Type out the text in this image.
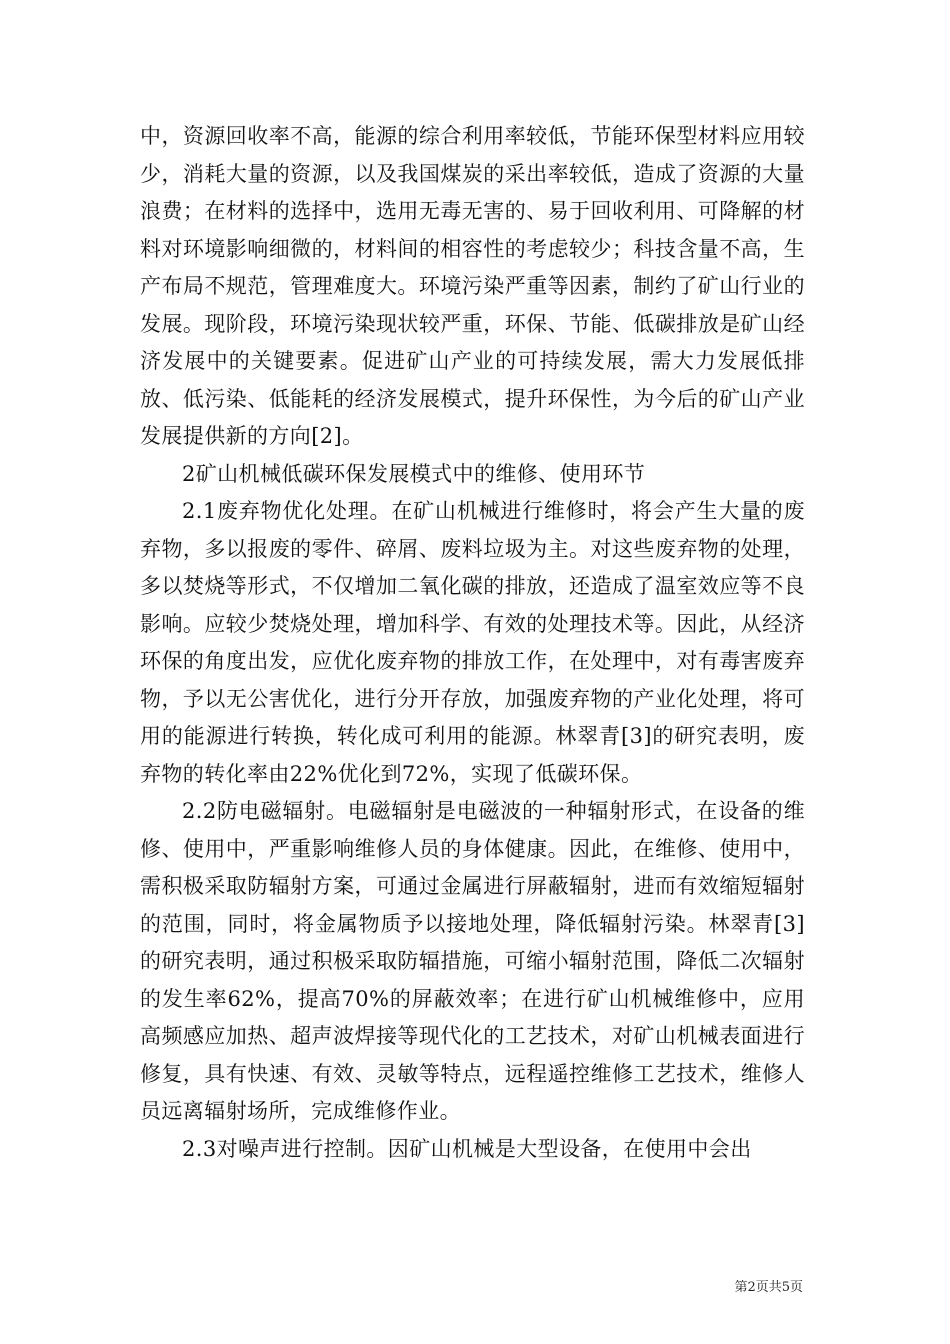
中，资源回收率不高，能源的综合利用率较低，节能环保型材料应用较少，消耗大量的资源，以及我国煤炭的采出率较低，造成了资源的大量浪费；在材料的选择中，选用无毒无害的、易于回收利用、可降解的材料对环境影响细微的，材料间的相容性的考虑较少；科技含量不高，生产布局不规范，管理难度大。环境污染严重等因素，制约了矿山行业的发展。现阶段，环境污染现状较严重，环保、节能、低碳排放是矿山经济发展中的关键要素。促进矿山产业的可持续发展，需大力发展低排放、低污染、低能耗的经济发展模式，提升环保性，为今后的矿山产业发展提供新的方向[2]。

2矿山机械低碳环保发展模式中的维修、使用环节

2.1废弃物优化处理。在矿山机械进行维修时，将会产生大量的废弃物，多以报废的零件、碎屑、废料垃圾为主。对这些废弃物的处理，多以焚烧等形式，不仅增加二氧化碳的排放，还造成了温室效应等不良影响。应较少焚烧处理，增加科学、有效的处理技术等。因此，从经济环保的角度出发，应优化废弃物的排放工作，在处理中，对有毒害废弃物，予以无公害优化，进行分开存放，加强废弃物的产业化处理，将可用的能源进行转换，转化成可利用的能源。林翠青[3]的研究表明，废弃物的转化率由22%优化到72%，实现了低碳环保。

2.2防电磁辐射。电磁辐射是电磁波的一种辐射形式，在设备的维修、使用中，严重影响维修人员的身体健康。因此，在维修、使用中，需积极采取防辐射方案，可通过金属进行屏蔽辐射，进而有效缩短辐射的范围，同时，将金属物质予以接地处理，降低辐射污染。林翠青[3]的研究表明，通过积极采取防辐措施，可缩小辐射范围，降低二次辐射的发生率62%，提高70%的屏蔽效率；在进行矿山机械维修中，应用高频感应加热、超声波焊接等现代化的工艺技术，对矿山机械表面进行修复，具有快速、有效、灵敏等特点，远程遥控维修工艺技术，维修人员远离辐射场所，完成维修作业。

2.3对噪声进行控制。因矿山机械是大型设备，在使用中会出

第2页共5页
